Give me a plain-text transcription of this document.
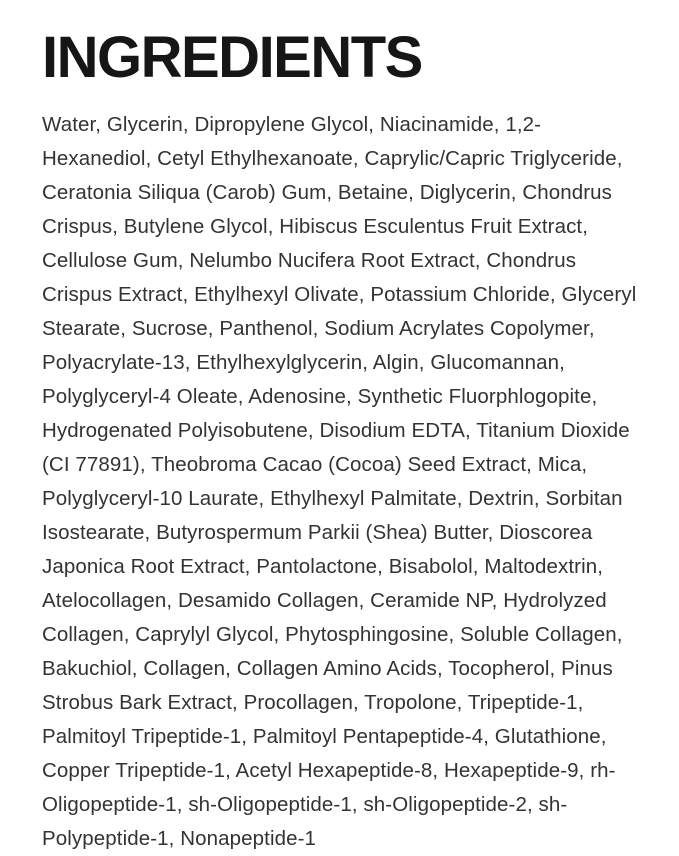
INGREDIENTS

Water, Glycerin, Dipropylene Glycol, Niacinamide, 1,2-Hexanediol, Cetyl Ethylhexanoate, Caprylic/Capric Triglyceride, Ceratonia Siliqua (Carob) Gum, Betaine, Diglycerin, Chondrus Crispus, Butylene Glycol, Hibiscus Esculentus Fruit Extract, Cellulose Gum, Nelumbo Nucifera Root Extract, Chondrus Crispus Extract, Ethylhexyl Olivate, Potassium Chloride, Glyceryl Stearate, Sucrose, Panthenol, Sodium Acrylates Copolymer, Polyacrylate-13, Ethylhexylglycerin, Algin, Glucomannan, Polyglyceryl-4 Oleate, Adenosine, Synthetic Fluorphlogopite, Hydrogenated Polyisobutene, Disodium EDTA, Titanium Dioxide (CI 77891), Theobroma Cacao (Cocoa) Seed Extract, Mica, Polyglyceryl-10 Laurate, Ethylhexyl Palmitate, Dextrin, Sorbitan Isostearate, Butyrospermum Parkii (Shea) Butter, Dioscorea Japonica Root Extract, Pantolactone, Bisabolol, Maltodextrin, Atelocollagen, Desamido Collagen, Ceramide NP, Hydrolyzed Collagen, Caprylyl Glycol, Phytosphingosine, Soluble Collagen, Bakuchiol, Collagen, Collagen Amino Acids, Tocopherol, Pinus Strobus Bark Extract, Procollagen, Tropolone, Tripeptide-1, Palmitoyl Tripeptide-1, Palmitoyl Pentapeptide-4, Glutathione, Copper Tripeptide-1, Acetyl Hexapeptide-8, Hexapeptide-9, rh-Oligopeptide-1, sh-Oligopeptide-1, sh-Oligopeptide-2, sh-Polypeptide-1, Nonapeptide-1
